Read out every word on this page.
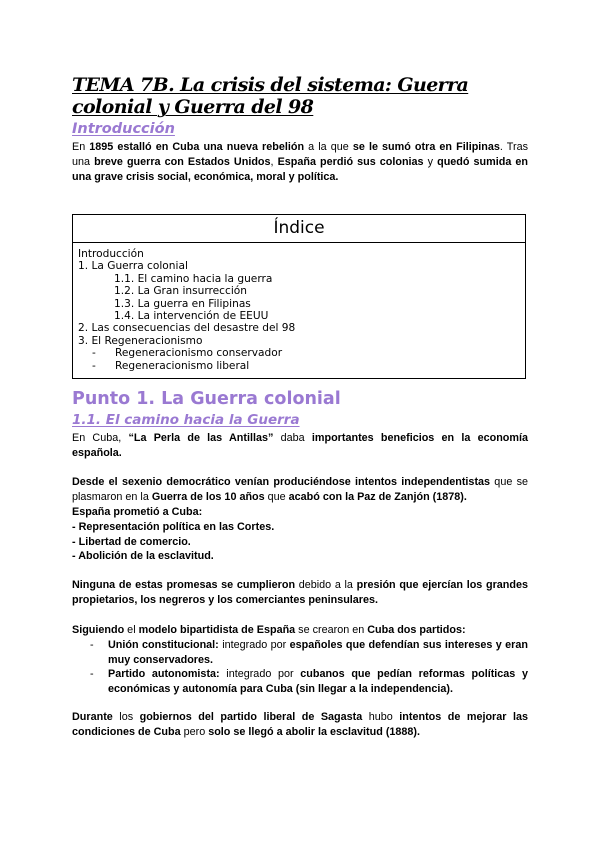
TEMA 7B. La crisis del sistema: Guerra colonial y Guerra del 98
Introducción

En 1895 estalló en Cuba una nueva rebelión a la que se le sumó otra en Filipinas. Tras una breve guerra con Estados Unidos, España perdió sus colonias y quedó sumida en una grave crisis social, económica, moral y política.

Índice
Introducción
1. La Guerra colonial
1.1. El camino hacia la guerra
1.2. La Gran insurrección
1.3. La guerra en Filipinas
1.4. La intervención de EEUU
2. Las consecuencias del desastre del 98
3. El Regeneracionismo
- Regeneracionismo conservador
- Regeneracionismo liberal
Punto 1. La Guerra colonial
1.1. El camino hacia la Guerra

En Cuba, “La Perla de las Antillas” daba importantes beneficios en la economía española.

Desde el sexenio democrático venían produciéndose intentos independentistas que se plasmaron en la Guerra de los 10 años que acabó con la Paz de Zanjón (1878).

España prometió a Cuba:

- Representación política en las Cortes.

- Libertad de comercio.

- Abolición de la esclavitud.

Ninguna de estas promesas se cumplieron debido a la presión que ejercían los grandes propietarios, los negreros y los comerciantes peninsulares.

Siguiendo el modelo bipartidista de España se crearon en Cuba dos partidos:

- Unión constitucional: integrado por españoles que defendían sus intereses y eran muy conservadores.
- Partido autonomista: integrado por cubanos que pedían reformas políticas y económicas y autonomía para Cuba (sin llegar a la independencia).

Durante los gobiernos del partido liberal de Sagasta hubo intentos de mejorar las condiciones de Cuba pero solo se llegó a abolir la esclavitud (1888).
